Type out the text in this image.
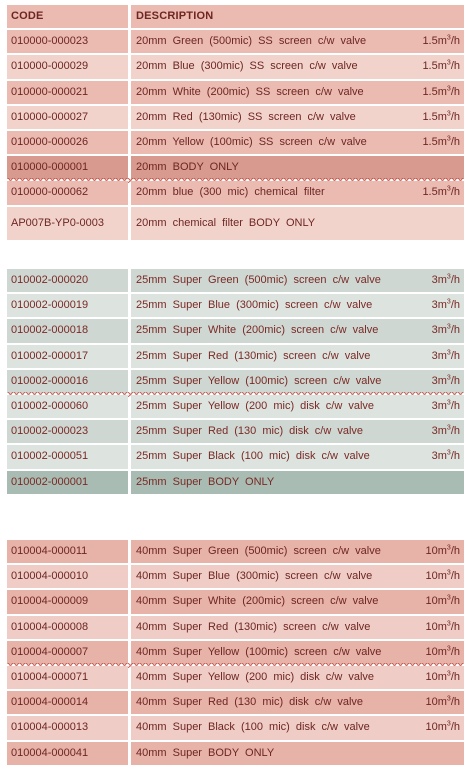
CODE	DESCRIPTION
010000-000023	20mm Green (500mic) SS screen c/w valve	$1.5m^3/h$
010000-000029	20mm Blue (300mic) SS screen c/w valve	$1.5m^3/h$
010000-000021	20mm White (200mic) SS screen c/w valve	$1.5m^3/h$
010000-000027	20mm Red (130mic) SS screen c/w valve	$1.5m^3/h$
010000-000026	20mm Yellow (100mic) SS screen c/w valve	$1.5m^3/h$
010000-000001	20mm BODY ONLY
010000-000062	20mm blue (300 mic) chemical filter	$1.5m^3/h$
AP007B-YP0-0003	20mm chemical filter BODY ONLY
010002-000020	25mm Super Green (500mic) screen c/w valve	$3m^3/h$
010002-000019	25mm Super Blue (300mic) screen c/w valve	$3m^3/h$
010002-000018	25mm Super White (200mic) screen c/w valve	$3m^3/h$
010002-000017	25mm Super Red (130mic) screen c/w valve	$3m^3/h$
010002-000016	25mm Super Yellow (100mic) screen c/w valve	$3m^3/h$
010002-000060	25mm Super Yellow (200 mic) disk c/w valve	$3m^3/h$
010002-000023	25mm Super Red (130 mic) disk c/w valve	$3m^3/h$
010002-000051	25mm Super Black (100 mic) disk c/w valve	$3m^3/h$
010002-000001	25mm Super BODY ONLY
010004-000011	40mm Super Green (500mic) screen c/w valve	$10m^3/h$
010004-000010	40mm Super Blue (300mic) screen c/w valve	$10m^3/h$
010004-000009	40mm Super White (200mic) screen c/w valve	$10m^3/h$
010004-000008	40mm Super Red (130mic) screen c/w valve	$10m^3/h$
010004-000007	40mm Super Yellow (100mic) screen c/w valve	$10m^3/h$
010004-000071	40mm Super Yellow (200 mic) disk c/w valve	$10m^3/h$
010004-000014	40mm Super Red (130 mic) disk c/w valve	$10m^3/h$
010004-000013	40mm Super Black (100 mic) disk c/w valve	$10m^3/h$
010004-000041	40mm Super BODY ONLY
